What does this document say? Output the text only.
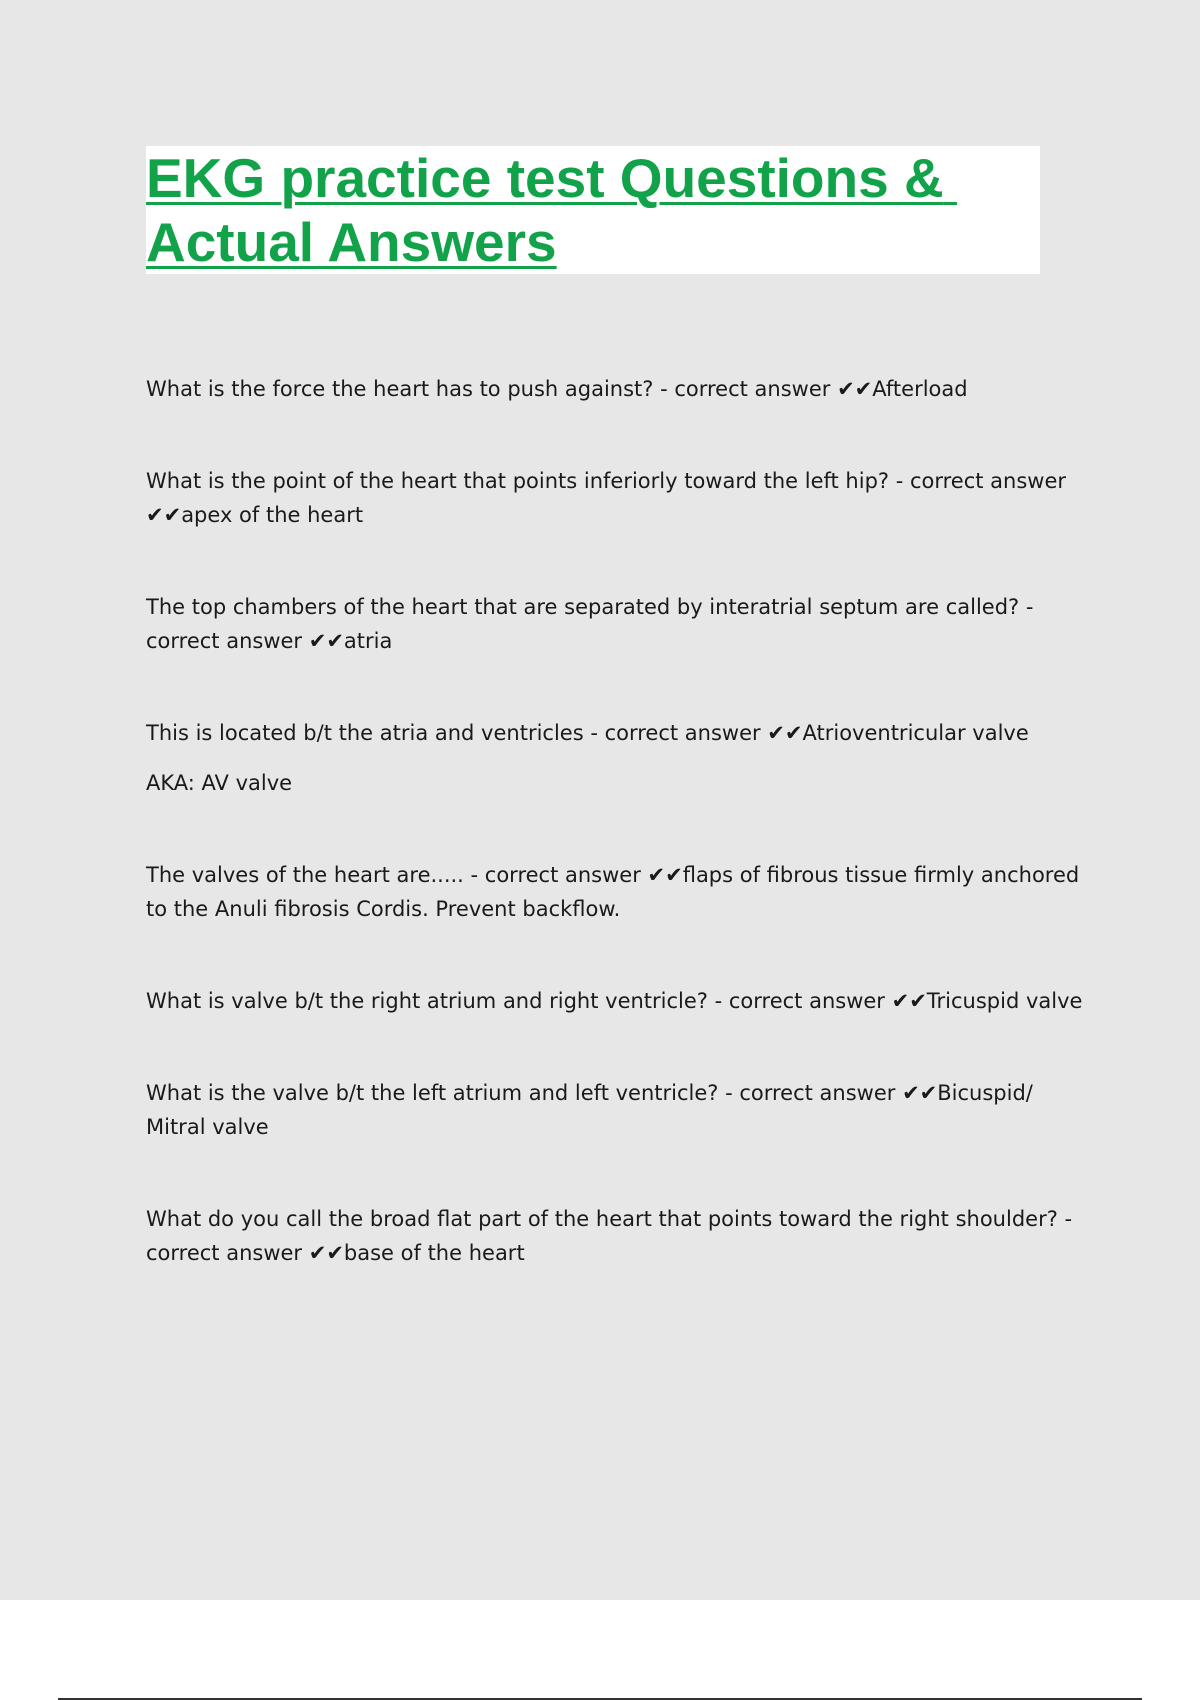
EKG practice test Questions & Actual Answers

What is the force the heart has to push against? - correct answer ✔✔Afterload

What is the point of the heart that points inferiorly toward the left hip? - correct answer ✔✔apex of the heart

The top chambers of the heart that are separated by interatrial septum are called? - correct answer ✔✔atria

This is located b/t the atria and ventricles - correct answer ✔✔Atrioventricular valve

AKA: AV valve

The valves of the heart are..... - correct answer ✔✔flaps of fibrous tissue firmly anchored to the Anuli fibrosis Cordis. Prevent backflow.

What is valve b/t the right atrium and right ventricle? - correct answer ✔✔Tricuspid valve

What is the valve b/t the left atrium and left ventricle? - correct answer ✔✔Bicuspid/ Mitral valve

What do you call the broad flat part of the heart that points toward the right shoulder? - correct answer ✔✔base of the heart
